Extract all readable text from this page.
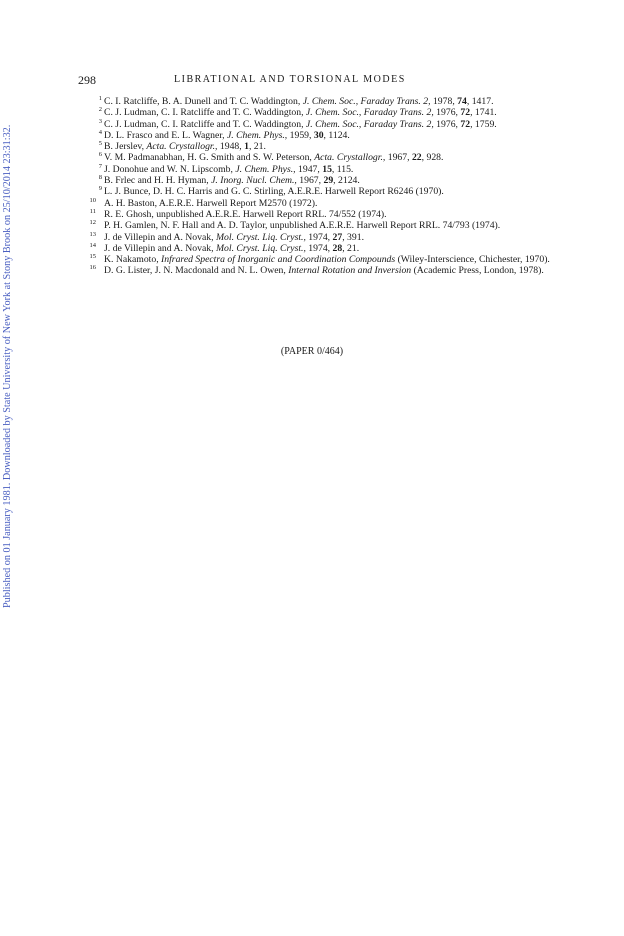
Published on 01 January 1981. Downloaded by State University of New York at Stony Brook on 25/10/2014 23:31:32.
298	LIBRATIONAL AND TORSIONAL MODES
1 C. I. Ratcliffe, B. A. Dunell and T. C. Waddington, J. Chem. Soc., Faraday Trans. 2, 1978, 74, 1417.
2 C. J. Ludman, C. I. Ratcliffe and T. C. Waddington, J. Chem. Soc., Faraday Trans. 2, 1976, 72, 1741.
3 C. J. Ludman, C. I. Ratcliffe and T. C. Waddington, J. Chem. Soc., Faraday Trans. 2, 1976, 72, 1759.
4 D. L. Frasco and E. L. Wagner, J. Chem. Phys., 1959, 30, 1124.
5 B. Jerslev, Acta. Crystallogr., 1948, 1, 21.
6 V. M. Padmanabhan, H. G. Smith and S. W. Peterson, Acta. Crystallogr., 1967, 22, 928.
7 J. Donohue and W. N. Lipscomb, J. Chem. Phys., 1947, 15, 115.
8 B. Frlec and H. H. Hyman, J. Inorg. Nucl. Chem., 1967, 29, 2124.
9 L. J. Bunce, D. H. C. Harris and G. C. Stirling, A.E.R.E. Harwell Report R6246 (1970).
10 A. H. Baston, A.E.R.E. Harwell Report M2570 (1972).
11 R. E. Ghosh, unpublished A.E.R.E. Harwell Report RRL. 74/552 (1974).
12 P. H. Gamlen, N. F. Hall and A. D. Taylor, unpublished A.E.R.E. Harwell Report RRL. 74/793 (1974).
13 J. de Villepin and A. Novak, Mol. Cryst. Liq. Cryst., 1974, 27, 391.
14 J. de Villepin and A. Novak, Mol. Cryst. Liq. Cryst., 1974, 28, 21.
15 K. Nakamoto, Infrared Spectra of Inorganic and Coordination Compounds (Wiley-Interscience, Chichester, 1970).
16 D. G. Lister, J. N. Macdonald and N. L. Owen, Internal Rotation and Inversion (Academic Press, London, 1978).
(PAPER 0/464)
